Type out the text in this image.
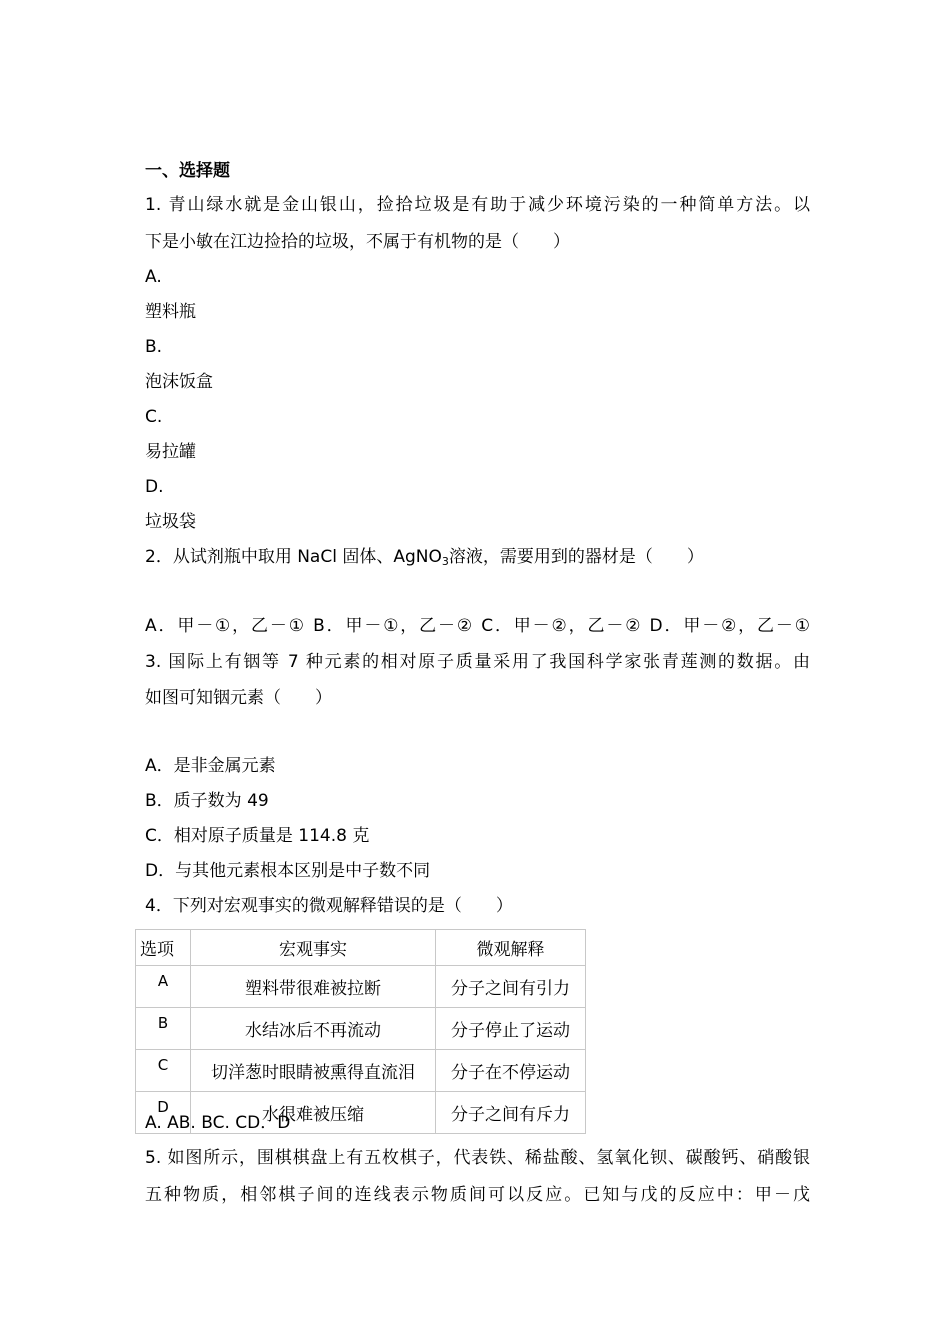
一、选择题
1. 青山绿水就是金山银山，捡拾垃圾是有助于减少环境污染的一种简单方法。以
下是小敏在江边捡拾的垃圾，不属于有机物的是（　　）
A.
塑料瓶
B.
泡沫饭盒
C.
易拉罐
D.
垃圾袋
2．从试剂瓶中取用 NaCl 固体、AgNO$_3$溶液，需要用到的器材是（　　）
A．甲－①，乙－① B．甲－①，乙－② C．甲－②，乙－② D．甲－②，乙－①
3. 国际上有铟等 7 种元素的相对原子质量采用了我国科学家张青莲测的数据。由
如图可知铟元素（　　）
A．是非金属元素
B．质子数为 49
C．相对原子质量是 114.8 克
D．与其他元素根本区别是中子数不同
4．下列对宏观事实的微观解释错误的是（　　）
选项	宏观事实	微观解释
A	塑料带很难被拉断	分子之间有引力
B	水结冰后不再流动	分子停止了运动
C	切洋葱时眼睛被熏得直流泪	分子在不停运动
D	水很难被压缩	分子之间有斥力
A. AB. BC. CD．D
5. 如图所示，围棋棋盘上有五枚棋子，代表铁、稀盐酸、氢氧化钡、碳酸钙、硝酸银
五种物质，相邻棋子间的连线表示物质间可以反应。已知与戊的反应中：甲－戊
